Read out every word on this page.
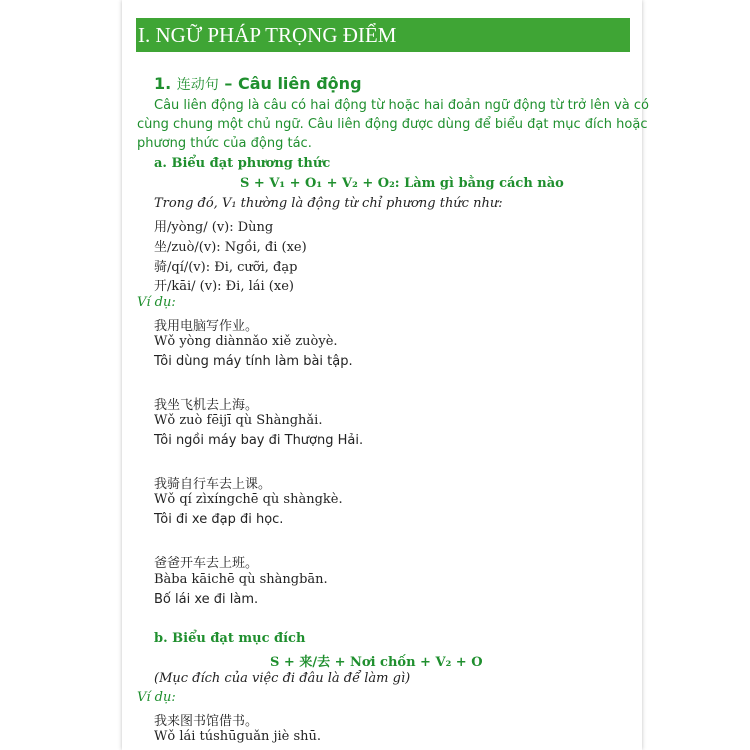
I. NGỮ PHÁP TRỌNG ĐIỂM
1. 连动句 – Câu liên động
Câu liên động là câu có hai động từ hoặc hai đoản ngữ động từ trở lên và có
cùng chung một chủ ngữ. Câu liên động được dùng để biểu đạt mục đích hoặc
phương thức của động tác.
a. Biểu đạt phương thức
S + V₁ + O₁ + V₂ + O₂: Làm gì bằng cách nào
Trong đó, V₁ thường là động từ chỉ phương thức như:
用/yòng/ (v): Dùng
坐/zuò/(v): Ngồi, đi (xe)
骑/qí/(v): Đi, cưỡi, đạp
开/kāi/ (v): Đi, lái (xe)
Ví dụ:
我用电脑写作业。
Wǒ yòng diànnǎo xiě zuòyè.
Tôi dùng máy tính làm bài tập.
我坐飞机去上海。
Wǒ zuò fēijī qù Shànghǎi.
Tôi ngồi máy bay đi Thượng Hải.
我骑自行车去上课。
Wǒ qí zìxíngchē qù shàngkè.
Tôi đi xe đạp đi học.
爸爸开车去上班。
Bàba kāichē qù shàngbān.
Bố lái xe đi làm.
b. Biểu đạt mục đích
S + 来/去 + Nơi chốn + V₂ + O
(Mục đích của việc đi đâu là để làm gì)
Ví dụ:
我来图书馆借书。
Wǒ lái túshūguǎn jiè shū.
